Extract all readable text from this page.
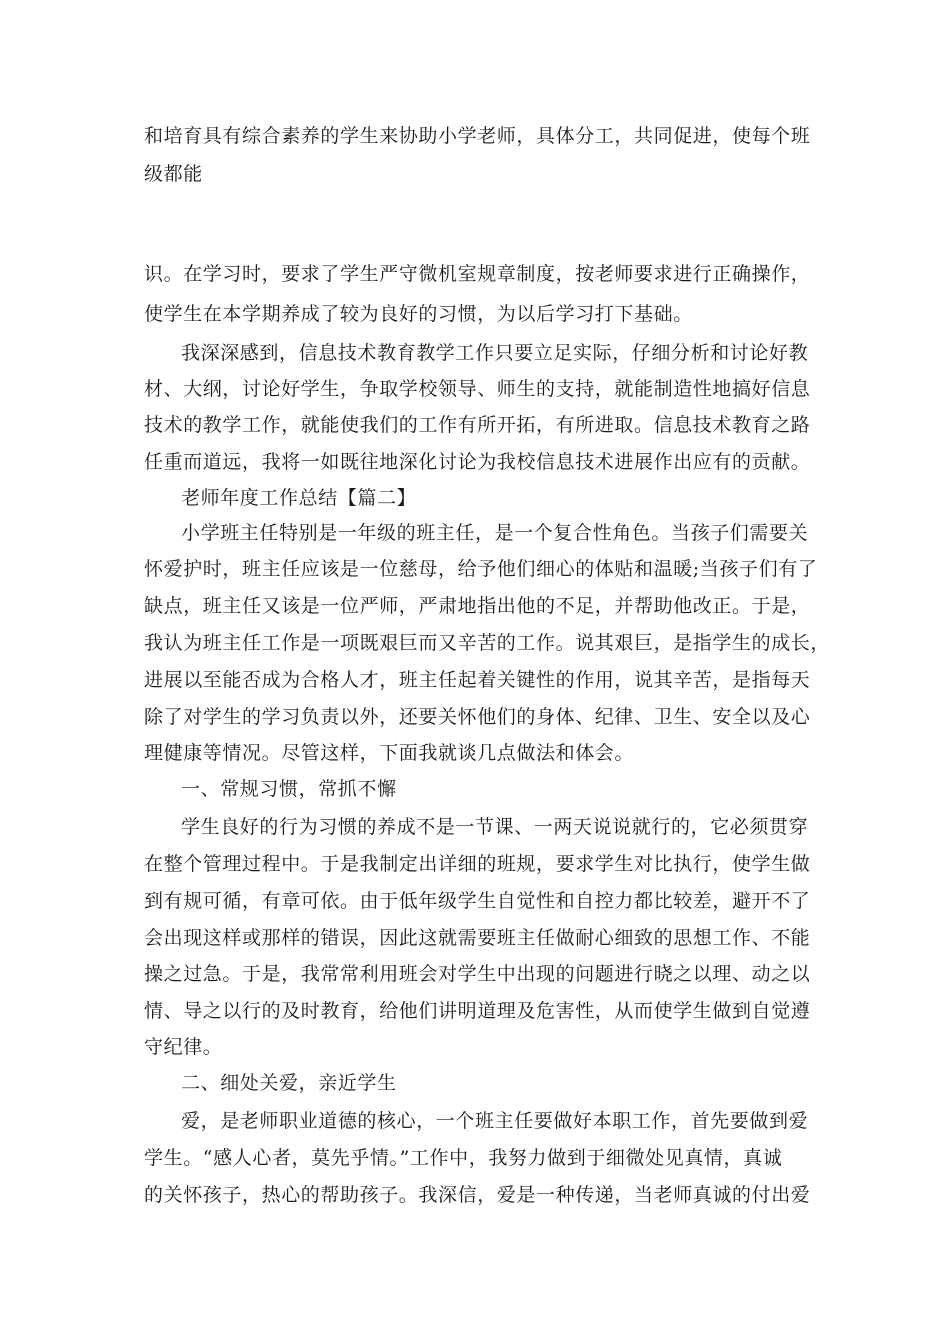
和培育具有综合素养的学生来协助小学老师，具体分工，共同促进，使每个班
级都能
识。在学习时，要求了学生严守微机室规章制度，按老师要求进行正确操作，
使学生在本学期养成了较为良好的习惯，为以后学习打下基础。
我深深感到，信息技术教育教学工作只要立足实际，仔细分析和讨论好教
材、大纲，讨论好学生，争取学校领导、师生的支持，就能制造性地搞好信息
技术的教学工作，就能使我们的工作有所开拓，有所进取。信息技术教育之路
任重而道远，我将一如既往地深化讨论为我校信息技术进展作出应有的贡献。
老师年度工作总结【篇二】
小学班主任特别是一年级的班主任，是一个复合性角色。当孩子们需要关
怀爱护时，班主任应该是一位慈母，给予他们细心的体贴和温暖;当孩子们有了
缺点，班主任又该是一位严师，严肃地指出他的不足，并帮助他改正。于是，
我认为班主任工作是一项既艰巨而又辛苦的工作。说其艰巨，是指学生的成长，
进展以至能否成为合格人才，班主任起着关键性的作用，说其辛苦，是指每天
除了对学生的学习负责以外，还要关怀他们的身体、纪律、卫生、安全以及心
理健康等情况。尽管这样，下面我就谈几点做法和体会。
一、常规习惯，常抓不懈
学生良好的行为习惯的养成不是一节课、一两天说说就行的，它必须贯穿
在整个管理过程中。于是我制定出详细的班规，要求学生对比执行，使学生做
到有规可循，有章可依。由于低年级学生自觉性和自控力都比较差，避开不了
会出现这样或那样的错误，因此这就需要班主任做耐心细致的思想工作、不能
操之过急。于是，我常常利用班会对学生中出现的问题进行晓之以理、动之以
情、导之以行的及时教育，给他们讲明道理及危害性，从而使学生做到自觉遵
守纪律。
二、细处关爱，亲近学生
爱，是老师职业道德的核心，一个班主任要做好本职工作，首先要做到爱
学生。“感人心者，莫先乎情。”工作中，我努力做到于细微处见真情，真诚
的关怀孩子，热心的帮助孩子。我深信，爱是一种传递，当老师真诚的付出爱
